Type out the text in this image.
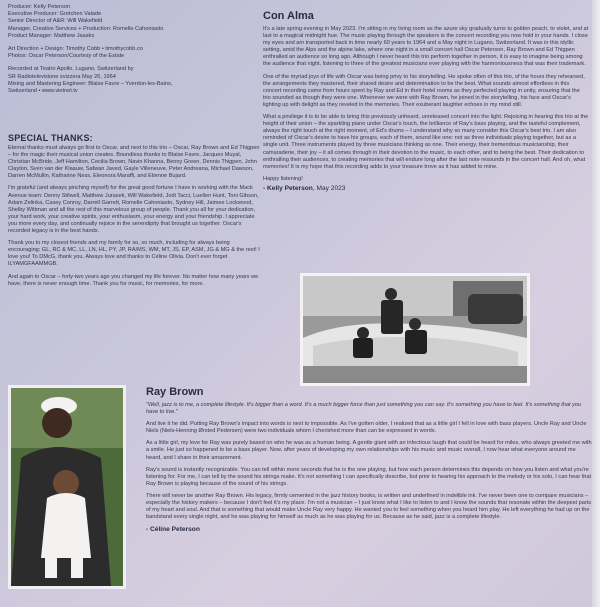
Producer: Kelly Peterson

Executive Producer: Gretchen Valade

Senior Director of A&R: Will Wakefield

Manager, Creative Services + Production: Romelle Cahoniasto

Product Manager: Matthew Jaasks

Art Direction + Design: Timothy Cobb • timothycobb.co

Photos: Oscar Peterson/Courtesy of the Estate

Recorded at Teatro Apollo, Lugano, Switzerland by

SR Radiotelevisione svizzera May 26, 1964

Mixing and Mastering Engineer: Blaise Favre – Yverdon-les-Bains,

Switzerland • www.vietnet.tv

SPECIAL THANKS:

Eternal thanks must always go first to Oscar, and next to this trio – Oscar, Ray Brown and Ed Thigpen – for the magic their musical union creates. Boundless thanks to Blaise Favre, Jacques Muyal, Christian McBride, Jeff Hamilton, Cecilia Brown, Navin Khanna, Benny Green, Dennis Thigpen, John Clayton, Sven van der Klaauw, Safwan Javed, Gayle Villeneuve, Peter Andreana, Michael Dawson, Darren McMullin, Katharine Ness, Eleonora Maraffi, and Etienne Bujard.

I'm grateful (and always pinching myself) for the great good fortune I have in working with the Mack Avenue team: Denny Stilwell, Matthew Jurasek, Will Wakefield, Jodi Tacci, Luellen Hunt, Toni Gibson, Adam Zelinka, Casey Conroy, Darrell Garrett, Romelle Cahoniasto, Sydney Hill, Jaimee Lockwood, Shelby Wittman and all the rest of this marvelous group of people. Thank you all for your dedication, your hard work, your creative spirits, your enthusiasm, your energy and your friendship. I appreciate you more every day, and continually rejoice in the serendipity that brought us together. Oscar's recorded legacy is in the best hands.

Thank you to my closest friends and my family for so, so much, including for always being encouraging: GL, RC & MC, LL, LN, HL, PY, JP, RA/MS, WM, MT, JS, EP, ASM, JG & MG & the rest! I love you! To DMcG, thank you. Always love and thanks to Céline Olivia. Don't ever forget ILYAMGFAAMMGB.

And again to Oscar – forty-two years ago you changed my life forever. No matter how many years we have, there is never enough time. Thank you for music, for memories, for more.

Con Alma

It's a late spring evening in May 2023. I'm sitting in my living room as the azure sky gradually turns to golden peach, to violet, and at last to a magical midnight hue. The music playing through the speakers is the concert recording you now hold in your hands. I close my eyes and am transported back in time nearly 60 years to 1964 and a May night in Lugano, Switzerland. It was in this idyllic setting, amid the Alps and the alpine lake, where one night in a small concert hall Oscar Peterson, Ray Brown and Ed Thigpen enthralled an audience so long ago. Although I never heard this trio perform together in person, it is easy to imagine being among the audience that night, listening to three of the greatest musicians ever playing with the harmoniousness that was their trademark.

One of the myriad joys of life with Oscar was being privy to his storytelling. He spoke often of this trio, of the hours they rehearsed, the arrangements they mastered, their shared desire and determination to be the best. What sounds almost effortless in this concert recording came from hours spent by Ray and Ed in their hotel rooms as they perfected playing in unity, ensuring that the trio sounded as though they were one. Whenever we were with Ray Brown, he joined in the storytelling, his face and Oscar's lighting up with delight as they reveled in the memories. Their exuberant laughter echoes in my mind still.

What a privilege it is to be able to bring this previously unheard, unreleased concert into the light. Rejoicing in hearing this trio at the height of their union – the sparkling piano under Oscar's touch, the brilliance of Ray's bass playing, and the tasteful complement, always the right touch at the right moment, of Ed's drums – I understand why so many consider this Oscar's best trio. I am also reminded of Oscar's desire to have his groups, each of them, sound like one: not as three individuals playing together, but as a single unit. Three instruments played by three musicians thinking as one. Their energy, their tremendous musicianship, their camaraderie, their joy – it all comes through in their devotion to the music, to each other, and to being the best. Their dedication to enthralling their audiences, to creating memories that will endure long after the last note resounds in the concert hall. And oh, what memories! It is my hope that this recording adds to your treasure trove as it has added to mine.

Happy listening!

- Kelly Peterson, May 2023

Ray Brown

"Well, jazz is to me, a complete lifestyle. It's bigger than a word. It's a much bigger force than just something you can say. It's something you have to feel. It's something that you have to live."

And live it he did. Putting Ray Brown's impact into words is next to impossible. As I've gotten older, I realized that as a little girl I fell in love with bass players. Uncle Ray and Uncle Niels (Niels-Henning Ørsted Pedersen) were two individuals whom I cherished more than can be expressed in words.

As a little girl, my love for Ray was purely based on who he was as a human being. A gentle giant with an infectious laugh that could be heard for miles, who always greeted me with a smile. He just so happened to be a bass player. Now, after years of developing my own relationships with his music and music overall, I now hear what everyone around me heard, and I share in their amazement.

Ray's sound is instantly recognizable. You can tell within mere seconds that he is the one playing, but how each person determines this depends on how you listen and what you're listening for. For me, I can tell by the sound his strings make. It's not something I can specifically describe, but prior to hearing his approach to the melody or his solo, I can hear that Ray Brown is playing because of the sound of his strings.

There will never be another Ray Brown. His legacy, firmly cemented in the jazz history books, is written and underlined in indelible ink. I've never been one to compare musicians – especially the history makers – because I don't feel it's my place. I'm not a musician – I just know what I like to listen to and I know the sounds that resonate within the deepest parts of my heart and soul. And that is something that would make Uncle Ray very happy. He wanted you to feel something when you heard him play. He left everything he had up on the bandstand every single night, and he was playing for himself as much as he was playing for us. Because as he said, jazz is a complete lifestyle.

- Céline Peterson
